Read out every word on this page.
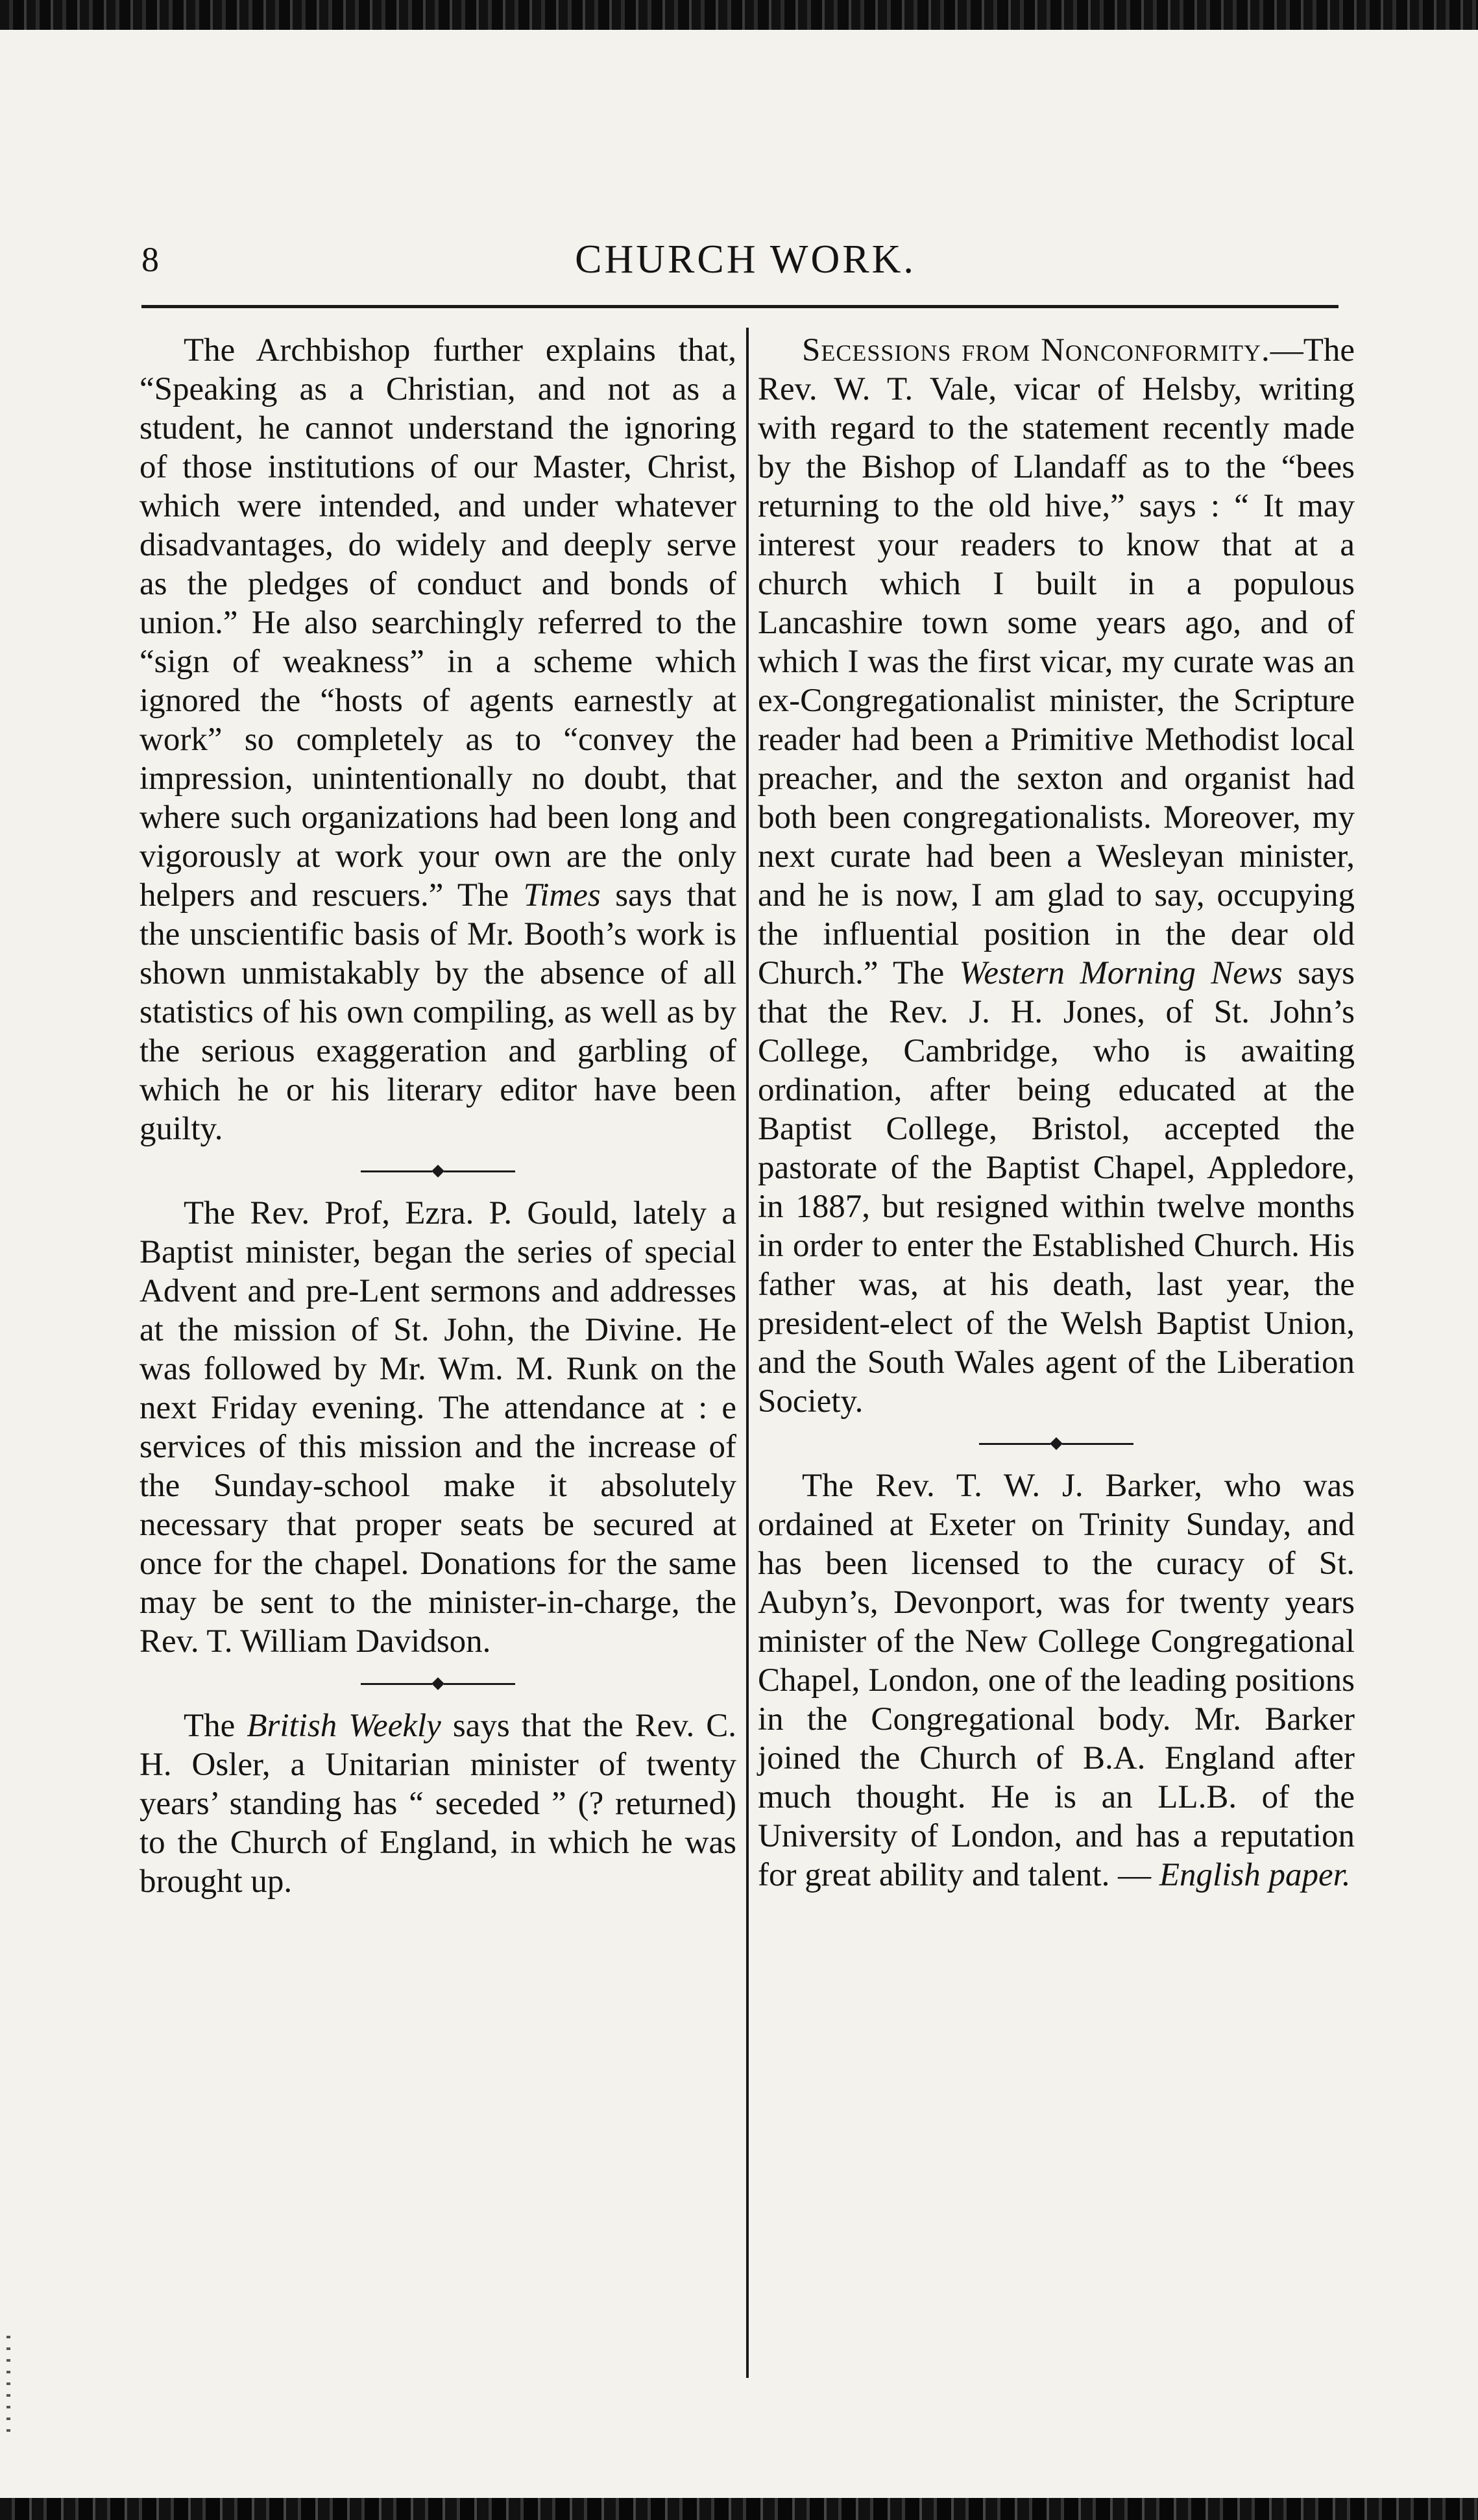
8	CHURCH WORK.

The Archbishop further explains that, “Speaking as a Christian, and not as a student, he cannot understand the ignoring of those institutions of our Master, Christ, which were intended, and under whatever disadvantages, do widely and deeply serve as the pledges of conduct and bonds of union.” He also searchingly referred to the “sign of weakness” in a scheme which ignored the “hosts of agents earnestly at work” so completely as to “convey the impression, unintentionally no doubt, that where such organizations had been long and vigorously at work your own are the only helpers and rescuers.” The Times says that the unscientific basis of Mr. Booth’s work is shown unmistakably by the absence of all statistics of his own compiling, as well as by the serious exaggeration and garbling of which he or his literary editor have been guilty.

The Rev. Prof, Ezra. P. Gould, lately a Baptist minister, began the series of special Advent and pre-Lent sermons and addresses at the mission of St. John, the Divine. He was followed by Mr. Wm. M. Runk on the next Friday evening. The attendance at : e services of this mission and the increase of the Sunday-school make it absolutely necessary that proper seats be secured at once for the chapel. Donations for the same may be sent to the minister-in-charge, the Rev. T. William Davidson.

The British Weekly says that the Rev. C. H. Osler, a Unitarian minister of twenty years’ standing has “ seceded ” (? returned) to the Church of England, in which he was brought up.

Secessions from Nonconformity.—The Rev. W. T. Vale, vicar of Helsby, writing with regard to the statement recently made by the Bishop of Llandaff as to the “bees returning to the old hive,” says : “ It may interest your readers to know that at a church which I built in a populous Lancashire town some years ago, and of which I was the first vicar, my curate was an ex-Congregationalist minister, the Scripture reader had been a Primitive Methodist local preacher, and the sexton and organist had both been congregationalists. Moreover, my next curate had been a Wesleyan minister, and he is now, I am glad to say, occupying the influential position in the dear old Church.” The Western Morning News says that the Rev. J. H. Jones, of St. John’s College, Cambridge, who is awaiting ordination, after being educated at the Baptist College, Bristol, accepted the pastorate of the Baptist Chapel, Appledore, in 1887, but resigned within twelve months in order to enter the Established Church. His father was, at his death, last year, the president-elect of the Welsh Baptist Union, and the South Wales agent of the Liberation Society.

The Rev. T. W. J. Barker, who was ordained at Exeter on Trinity Sunday, and has been licensed to the curacy of St. Aubyn’s, Devonport, was for twenty years minister of the New College Congregational Chapel, London, one of the leading positions in the Congregational body. Mr. Barker joined the Church of B.A. England after much thought. He is an LL.B. of the University of London, and has a reputation for great ability and talent. — English paper.
